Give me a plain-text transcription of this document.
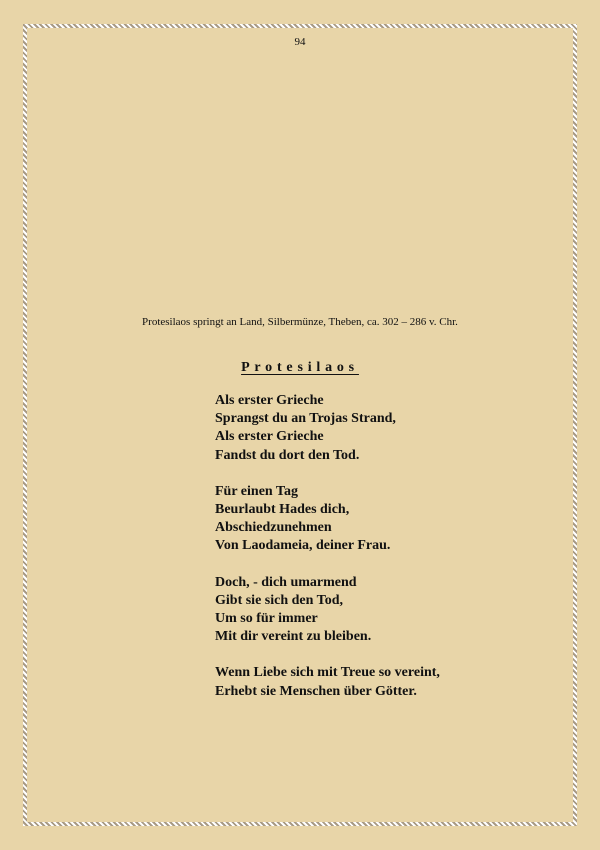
94
Protesilaos springt an Land, Silbermünze, Theben, ca. 302 – 286 v. Chr.
Protesilaos
Als erster Grieche
Sprangst du an Trojas Strand,
Als erster Grieche
Fandst du dort den Tod.
Für einen Tag
Beurlaubt Hades dich,
Abschiedzunehmen
Von Laodameia, deiner Frau.
Doch, - dich umarmend
Gibt sie sich den Tod,
Um so für immer
Mit dir vereint zu bleiben.
Wenn Liebe sich mit Treue so vereint,
Erhebt sie Menschen über Götter.
